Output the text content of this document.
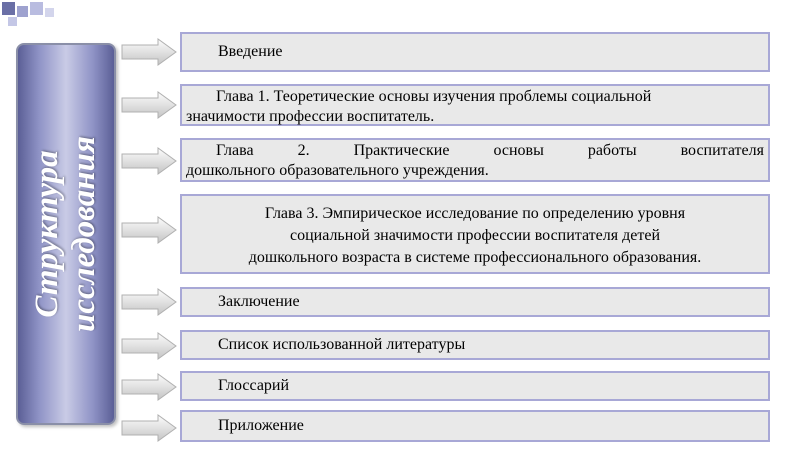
Структура исследования
Введение
Глава 1. Теоретические основы изучения проблемы социальной
значимости профессии воспитатель.
Глава 2. Практические основы работы воспитателя
дошкольного образовательного учреждения.
Глава 3. Эмпирическое исследование по определению уровня
социальной значимости профессии воспитателя детей
дошкольного возраста в системе профессионального образования.
Заключение
Список использованной литературы
Глоссарий
Приложение
